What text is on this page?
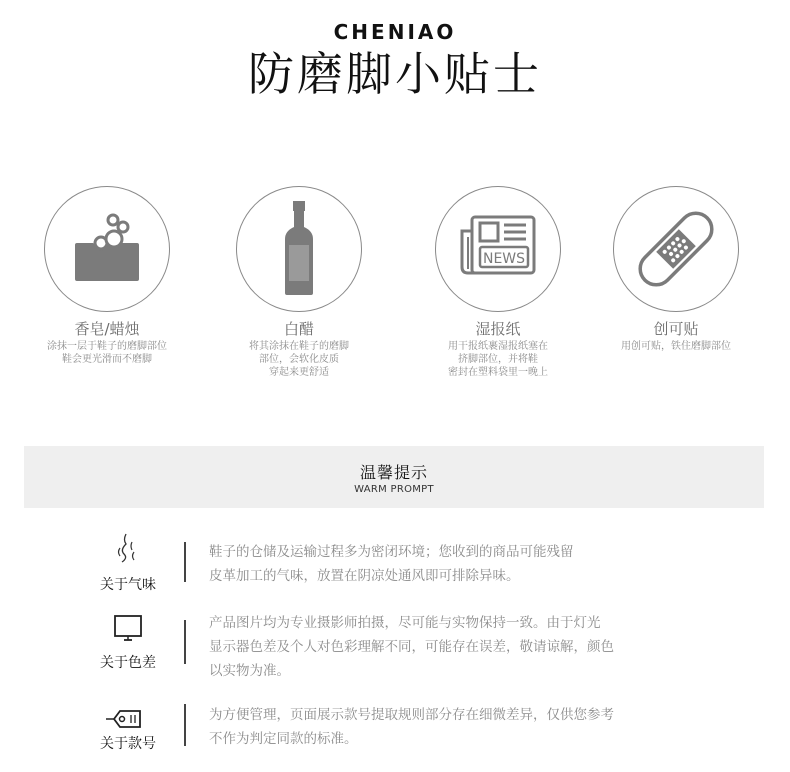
CHENIAO
防磨脚小贴士
香皂/蜡烛
涂抹一层于鞋子的磨脚部位
鞋会更光滑而不磨脚
白醋
将其涂抹在鞋子的磨脚
部位，会软化皮质
穿起来更舒适
NEWS
湿报纸
用干报纸裹湿报纸塞在
挤脚部位，并将鞋
密封在塑料袋里一晚上
创可贴
用创可贴，铁住磨脚部位
温馨提示
WARM PROMPT
关于气味
鞋子的仓储及运输过程多为密闭环境；您收到的商品可能残留
皮革加工的气味，放置在阴凉处通风即可排除异味。
关于色差
产品图片均为专业摄影师拍摄，尽可能与实物保持一致。由于灯光
显示器色差及个人对色彩理解不同，可能存在误差，敬请谅解，颜色
以实物为准。
关于款号
为方便管理，页面展示款号提取规则部分存在细微差异，仅供您参考
不作为判定同款的标准。
